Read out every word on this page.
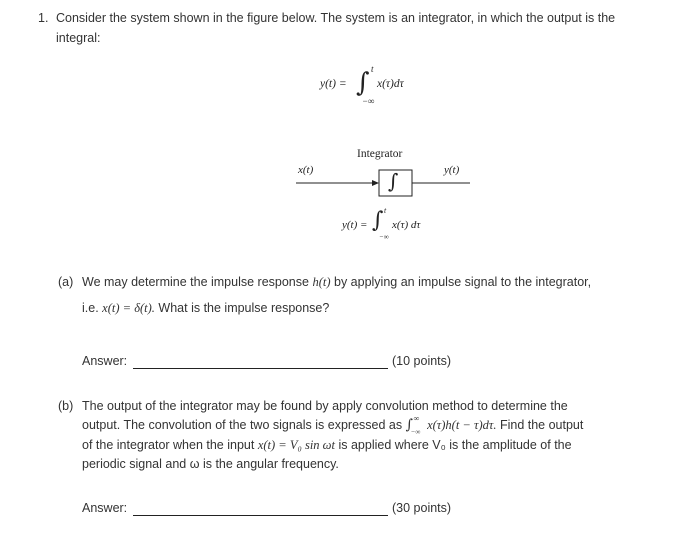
1. Consider the system shown in the figure below. The system is an integrator, in which the output is the
integral:
y(t) = ∫ t
−∞
x(τ)dτ
Integrator
x(t)	y(t)
∫
y(t) = ∫ t
−∞
x(τ) dτ
(a) We may determine the impulse response h(t) by applying an impulse signal to the integrator,
i.e. x(t) = δ(t). What is the impulse response?
Answer:	(10 points)
(b) The output of the integrator may be found by apply convolution method to determine the
output. The convolution of the two signals is expressed as ∫ ∞
−∞ x(τ)h(t − τ)dτ. Find the output
of the integrator when the input x(t) = V₀ sin ωt is applied where V₀ is the amplitude of the
periodic signal and ω is the angular frequency.
Answer:	(30 points)
